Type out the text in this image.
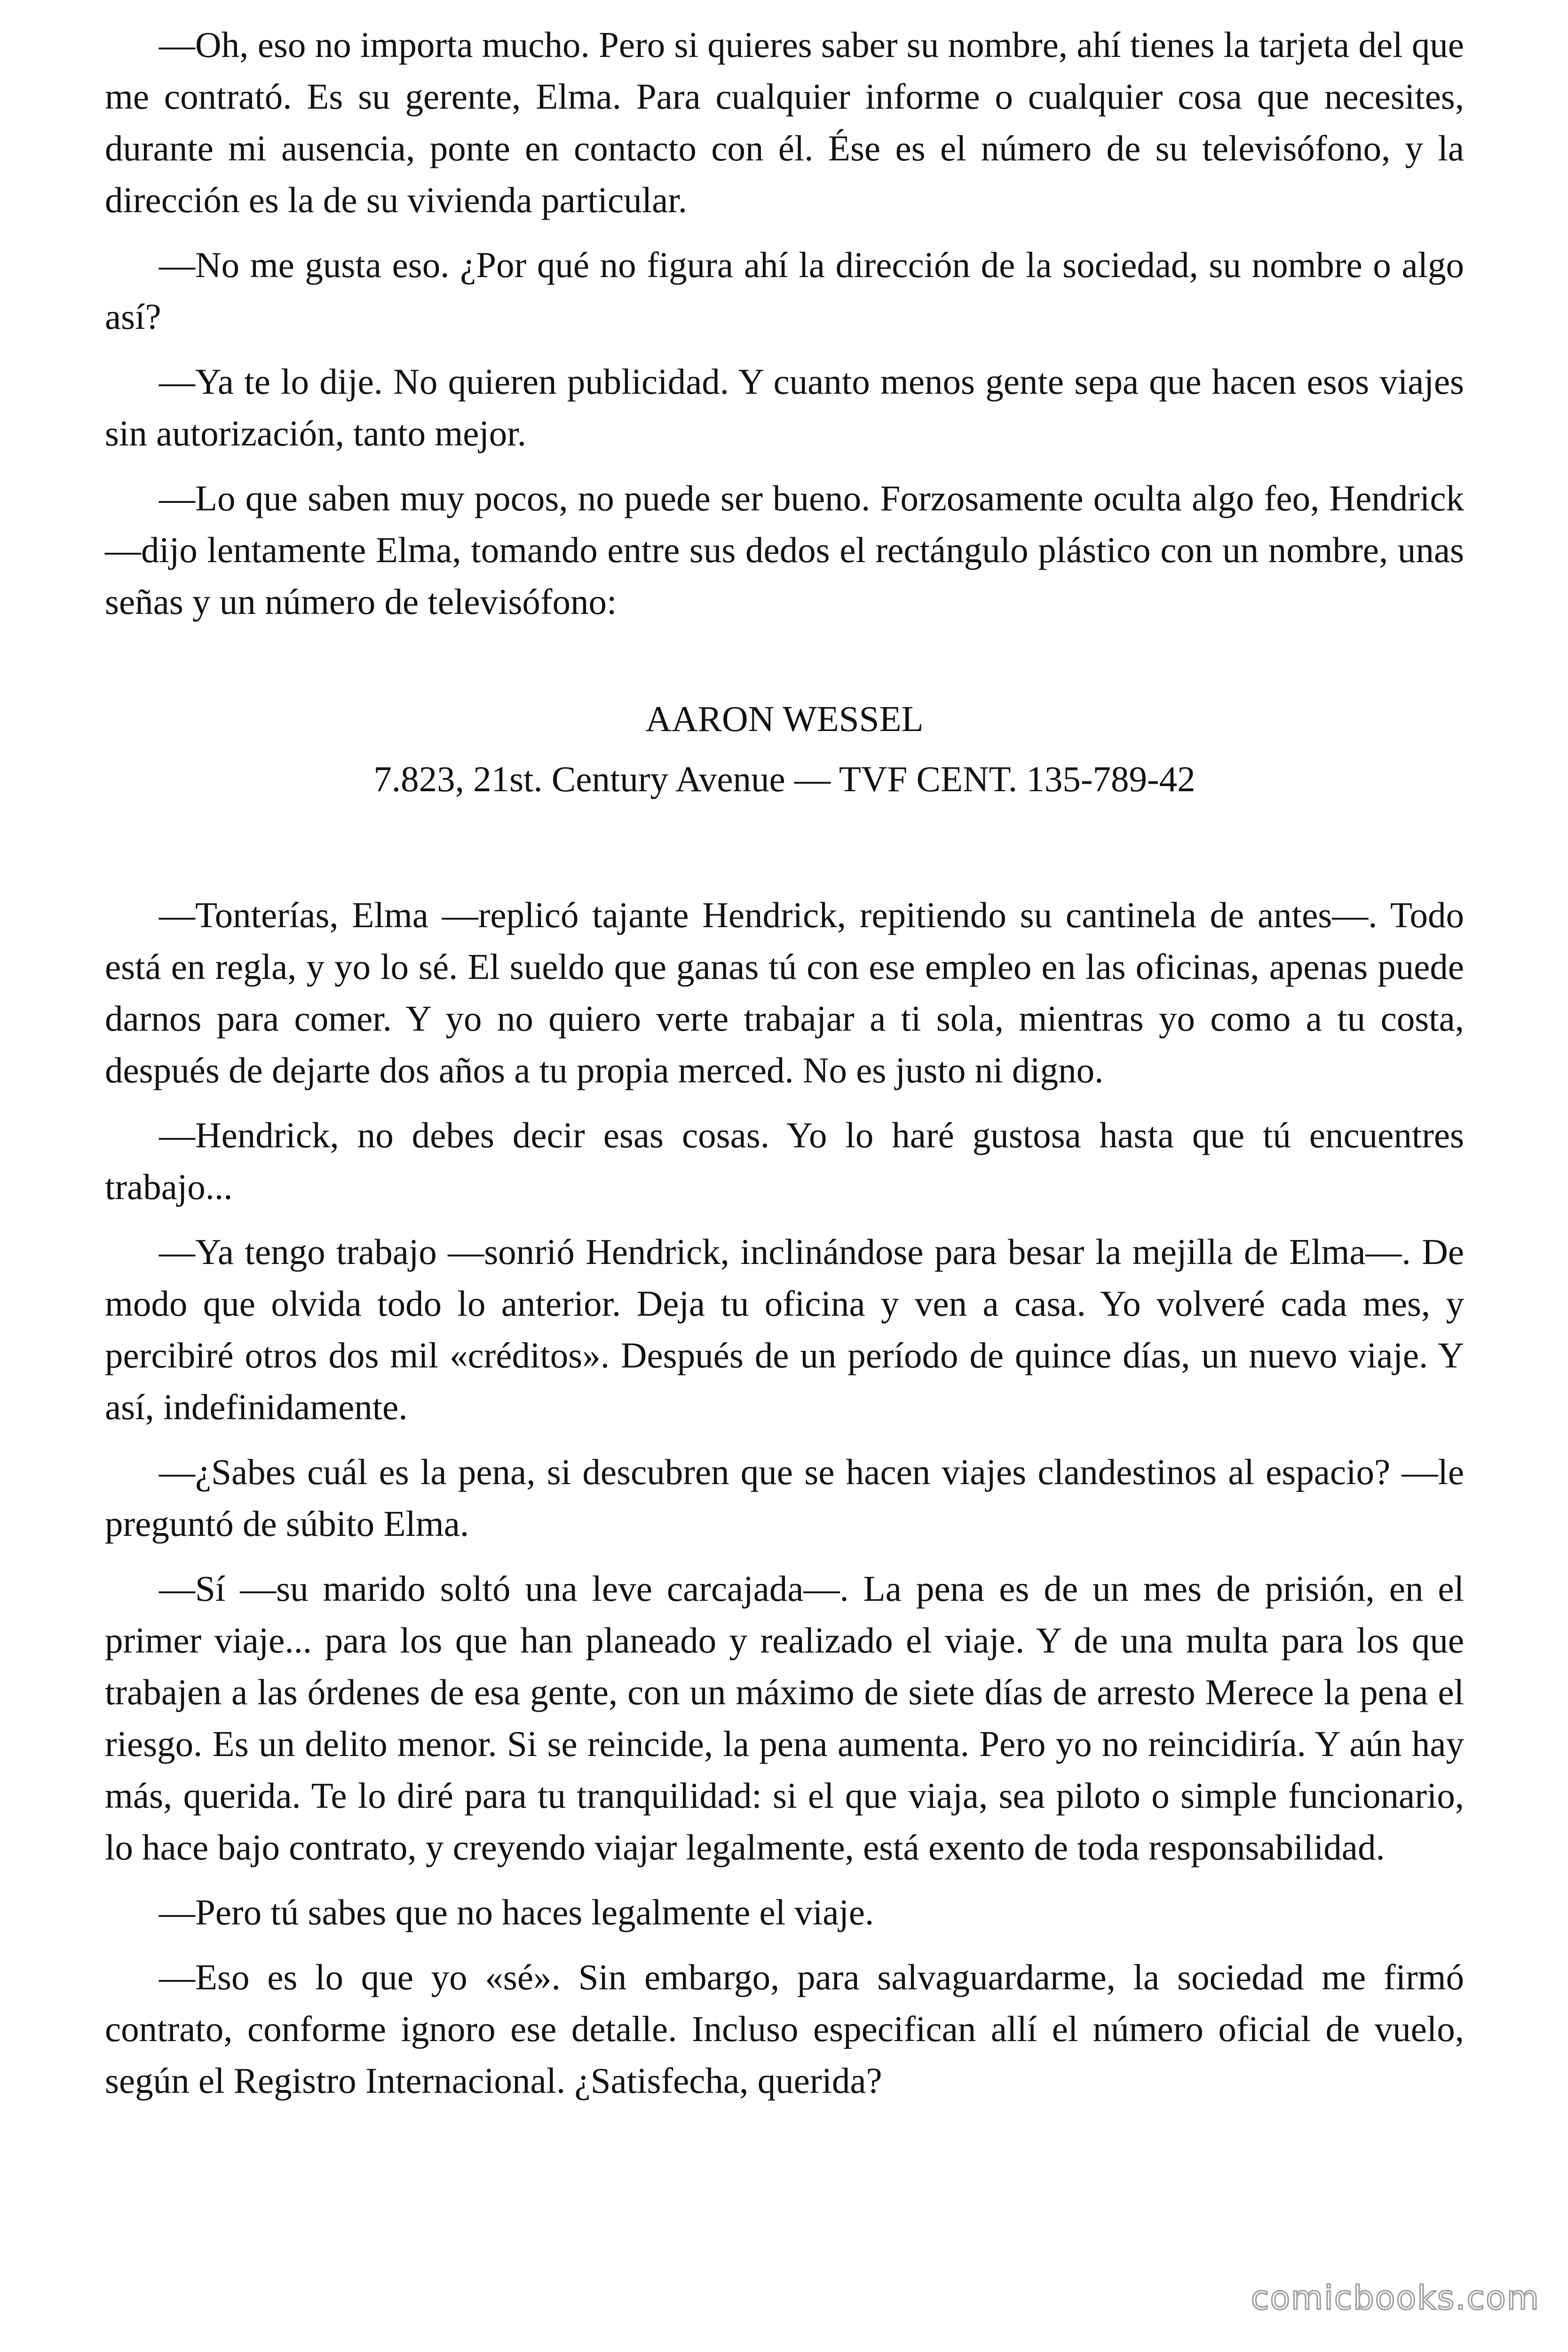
—Oh, eso no importa mucho. Pero si quieres saber su nombre, ahí tienes la tarjeta del que me contrató. Es su gerente, Elma. Para cualquier informe o cualquier cosa que necesites, durante mi ausencia, ponte en contacto con él. Ése es el número de su televisófono, y la dirección es la de su vivienda particular.

—No me gusta eso. ¿Por qué no figura ahí la dirección de la sociedad, su nombre o algo así?

—Ya te lo dije. No quieren publicidad. Y cuanto menos gente sepa que hacen esos viajes sin autorización, tanto mejor.

—Lo que saben muy pocos, no puede ser bueno. Forzosamente oculta algo feo, Hendrick —dijo lentamente Elma, tomando entre sus dedos el rectángulo plástico con un nombre, unas señas y un número de televisófono:

AARON WESSEL
7.823, 21st. Century Avenue — TVF CENT. 135-789-42

—Tonterías, Elma —replicó tajante Hendrick, repitiendo su cantinela de antes—. Todo está en regla, y yo lo sé. El sueldo que ganas tú con ese empleo en las oficinas, apenas puede darnos para comer. Y yo no quiero verte trabajar a ti sola, mientras yo como a tu costa, después de dejarte dos años a tu propia merced. No es justo ni digno.

—Hendrick, no debes decir esas cosas. Yo lo haré gustosa hasta que tú encuentres trabajo...

—Ya tengo trabajo —sonrió Hendrick, inclinándose para besar la mejilla de Elma—. De modo que olvida todo lo anterior. Deja tu oficina y ven a casa. Yo volveré cada mes, y percibiré otros dos mil «créditos». Después de un período de quince días, un nuevo viaje. Y así, indefinidamente.

—¿Sabes cuál es la pena, si descubren que se hacen viajes clandestinos al espacio? —le preguntó de súbito Elma.

—Sí —su marido soltó una leve carcajada—. La pena es de un mes de prisión, en el primer viaje... para los que han planeado y realizado el viaje. Y de una multa para los que trabajen a las órdenes de esa gente, con un máximo de siete días de arresto Merece la pena el riesgo. Es un delito menor. Si se reincide, la pena aumenta. Pero yo no reincidiría. Y aún hay más, querida. Te lo diré para tu tranquilidad: si el que viaja, sea piloto o simple funcionario, lo hace bajo contrato, y creyendo viajar legalmente, está exento de toda responsabilidad.

—Pero tú sabes que no haces legalmente el viaje.

—Eso es lo que yo «sé». Sin embargo, para salvaguardarme, la sociedad me firmó contrato, conforme ignoro ese detalle. Incluso especifican allí el número oficial de vuelo, según el Registro Internacional. ¿Satisfecha, querida?

comicbooks.com
